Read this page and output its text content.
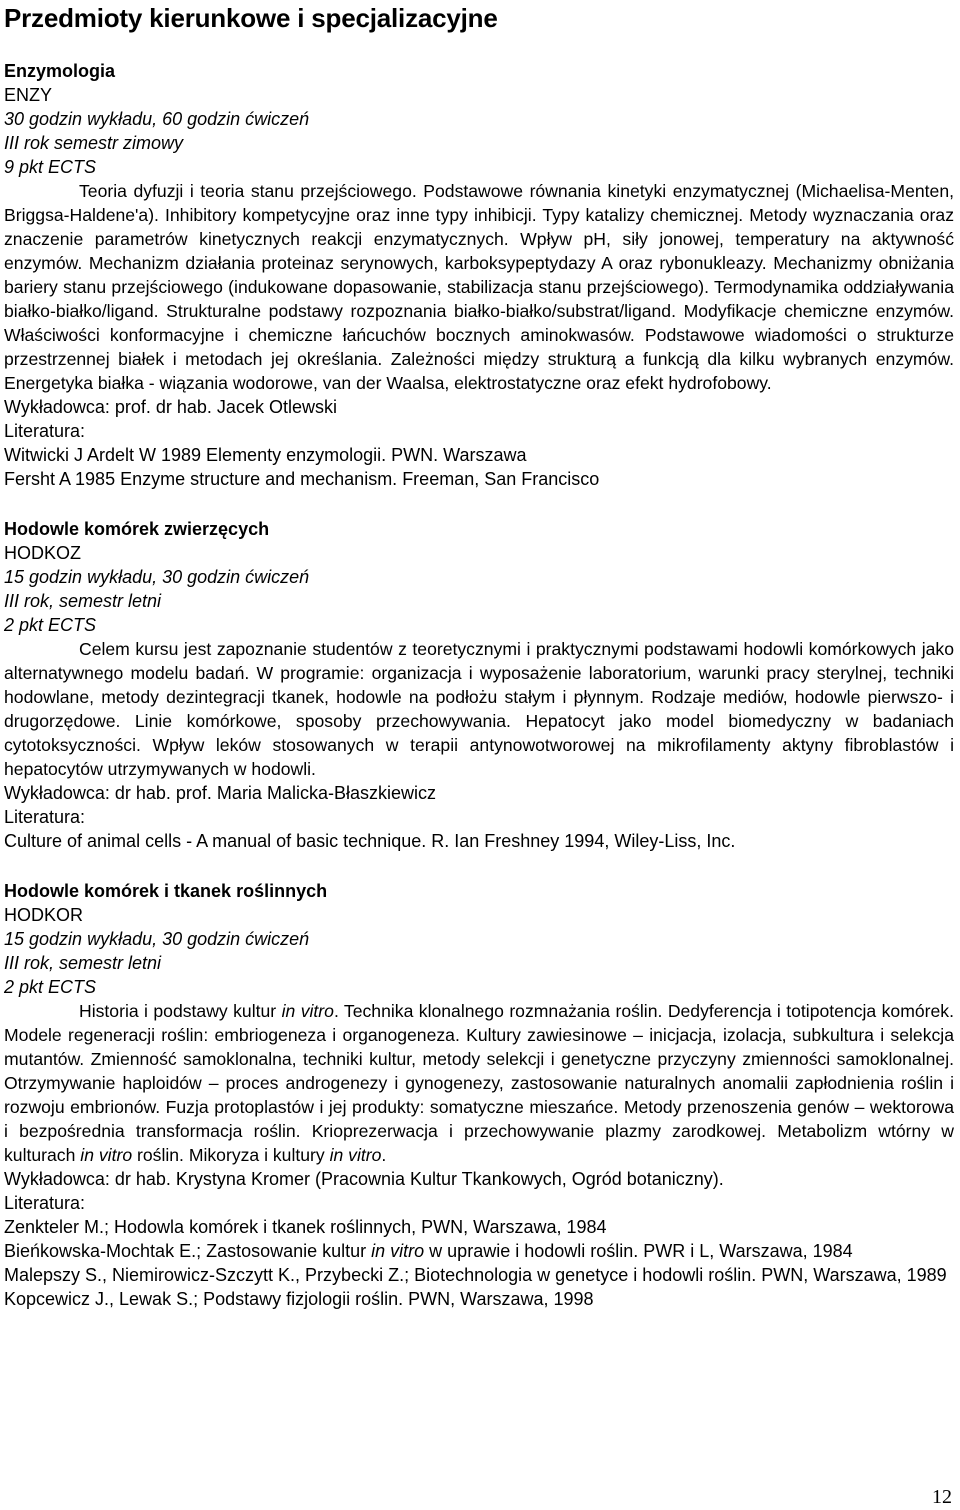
Przedmioty kierunkowe i specjalizacyjne

Enzymologia

ENZY

30 godzin wykładu, 60 godzin ćwiczeń

III rok semestr zimowy

9 pkt ECTS

Teoria dyfuzji i teoria stanu przejściowego. Podstawowe równania kinetyki enzymatycznej (Michaelisa-Menten, Briggsa-Haldene'a). Inhibitory kompetycyjne oraz inne typy inhibicji. Typy katalizy chemicznej. Metody wyznaczania oraz znaczenie parametrów kinetycznych reakcji enzymatycznych. Wpływ pH, siły jonowej, temperatury na aktywność enzymów. Mechanizm działania proteinaz serynowych, karboksypeptydazy A oraz rybonukleazy. Mechanizmy obniżania bariery stanu przejściowego (indukowane dopasowanie, stabilizacja stanu przejściowego). Termodynamika oddziaływania białko-białko/ligand. Strukturalne podstawy rozpoznania białko-białko/substrat/ligand. Modyfikacje chemiczne enzymów. Właściwości konformacyjne i chemiczne łańcuchów bocznych aminokwasów. Podstawowe wiadomości o strukturze przestrzennej białek i metodach jej określania. Zależności między strukturą a funkcją dla kilku wybranych enzymów. Energetyka białka - wiązania wodorowe, van der Waalsa, elektrostatyczne oraz efekt hydrofobowy.

Wykładowca: prof. dr hab. Jacek Otlewski

Literatura:

Witwicki J Ardelt W 1989 Elementy enzymologii. PWN. Warszawa
Fersht A 1985 Enzyme structure and mechanism. Freeman, San Francisco

Hodowle komórek zwierzęcych

HODKOZ

15 godzin wykładu, 30 godzin ćwiczeń

III rok, semestr letni

2 pkt ECTS

Celem kursu jest zapoznanie studentów z teoretycznymi i praktycznymi podstawami hodowli komórkowych jako alternatywnego modelu badań. W programie: organizacja i wyposażenie laboratorium, warunki pracy sterylnej, techniki hodowlane, metody dezintegracji tkanek, hodowle na podłożu stałym i płynnym. Rodzaje mediów, hodowle pierwszo- i drugorzędowe. Linie komórkowe, sposoby przechowywania. Hepatocyt jako model biomedyczny w badaniach cytotoksyczności. Wpływ leków stosowanych w terapii antynowotworowej na mikrofilamenty aktyny fibroblastów i hepatocytów utrzymywanych w hodowli.

Wykładowca: dr hab. prof. Maria Malicka-Błaszkiewicz

Literatura:

Culture of animal cells - A manual of basic technique. R. Ian Freshney 1994, Wiley-Liss, Inc.

Hodowle komórek i tkanek roślinnych

HODKOR

15 godzin wykładu, 30 godzin ćwiczeń

III rok, semestr letni

2 pkt ECTS

Historia i podstawy kultur in vitro. Technika klonalnego rozmnażania roślin. Dedyferencja i totipotencja komórek. Modele regeneracji roślin: embriogeneza i organogeneza. Kultury zawiesinowe – inicjacja, izolacja, subkultura i selekcja mutantów. Zmienność samoklonalna, techniki kultur, metody selekcji i genetyczne przyczyny zmienności samoklonalnej. Otrzymywanie haploidów – proces androgenezy i gynogenezy, zastosowanie naturalnych anomalii zapłodnienia roślin i rozwoju embrionów. Fuzja protoplastów i jej produkty: somatyczne mieszańce. Metody przenoszenia genów – wektorowa i bezpośrednia transformacja roślin. Krioprezerwacja i przechowywanie plazmy zarodkowej. Metabolizm wtórny w kulturach in vitro roślin. Mikoryza i kultury in vitro.

Wykładowca: dr hab. Krystyna Kromer (Pracownia Kultur Tkankowych, Ogród botaniczny).

Literatura:

Zenkteler M.; Hodowla komórek i tkanek roślinnych, PWN, Warszawa, 1984
Bieńkowska-Mochtak E.; Zastosowanie kultur in vitro w uprawie i hodowli roślin. PWR i L, Warszawa, 1984
Malepszy S., Niemirowicz-Szczytt K., Przybecki Z.; Biotechnologia w genetyce i hodowli roślin. PWN, Warszawa, 1989
Kopcewicz J., Lewak S.; Podstawy fizjologii roślin. PWN, Warszawa, 1998
12
